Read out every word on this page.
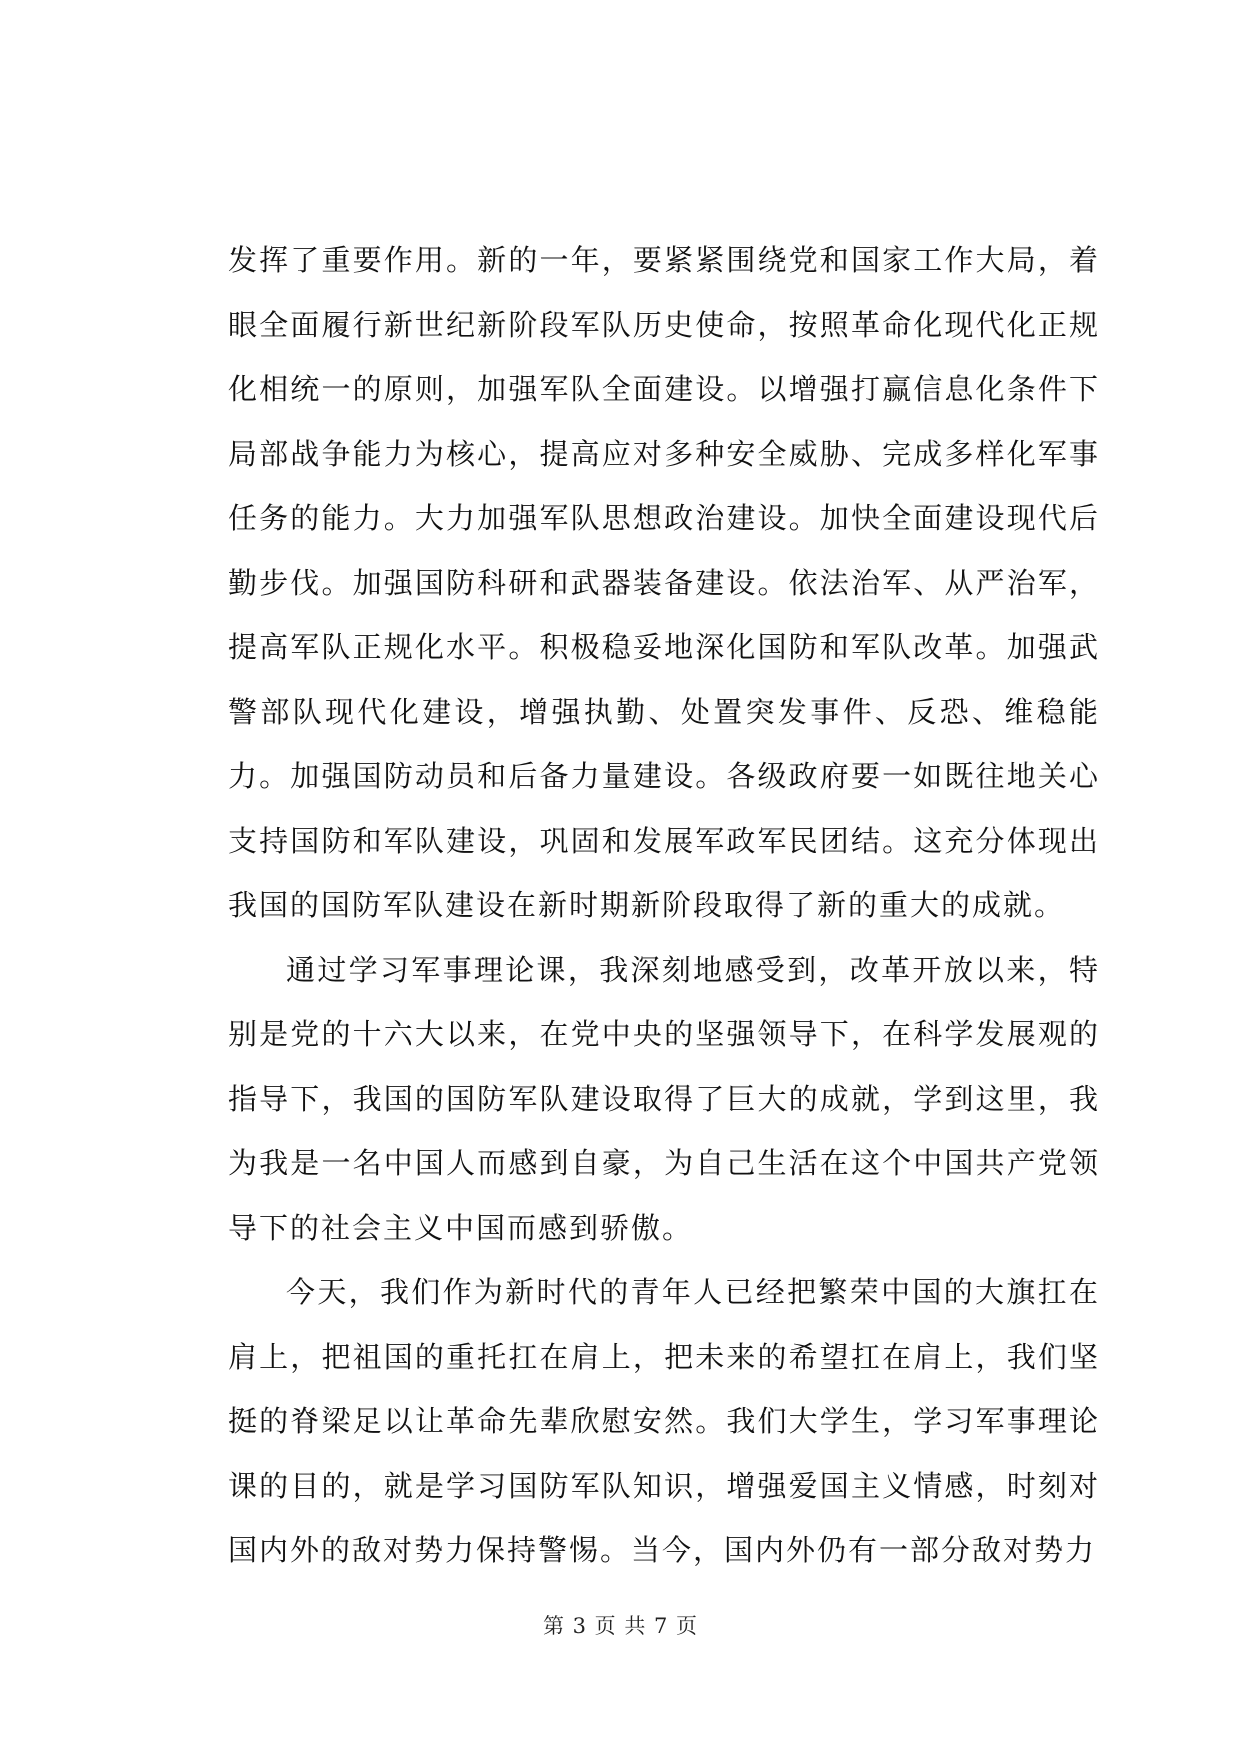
发挥了重要作用。新的一年，要紧紧围绕党和国家工作大局，着眼全面履行新世纪新阶段军队历史使命，按照革命化现代化正规化相统一的原则，加强军队全面建设。以增强打赢信息化条件下局部战争能力为核心，提高应对多种安全威胁、完成多样化军事任务的能力。大力加强军队思想政治建设。加快全面建设现代后勤步伐。加强国防科研和武器装备建设。依法治军、从严治军，提高军队正规化水平。积极稳妥地深化国防和军队改革。加强武警部队现代化建设，增强执勤、处置突发事件、反恐、维稳能力。加强国防动员和后备力量建设。各级政府要一如既往地关心支持国防和军队建设，巩固和发展军政军民团结。这充分体现出我国的国防军队建设在新时期新阶段取得了新的重大的成就。

通过学习军事理论课，我深刻地感受到，改革开放以来，特别是党的十六大以来，在党中央的坚强领导下，在科学发展观的指导下，我国的国防军队建设取得了巨大的成就，学到这里，我为我是一名中国人而感到自豪，为自己生活在这个中国共产党领导下的社会主义中国而感到骄傲。

今天，我们作为新时代的青年人已经把繁荣中国的大旗扛在肩上，把祖国的重托扛在肩上，把未来的希望扛在肩上，我们坚挺的脊梁足以让革命先辈欣慰安然。我们大学生，学习军事理论课的目的，就是学习国防军队知识，增强爱国主义情感，时刻对国内外的敌对势力保持警惕。当今，国内外仍有一部分敌对势力

第 3 页 共 7 页
